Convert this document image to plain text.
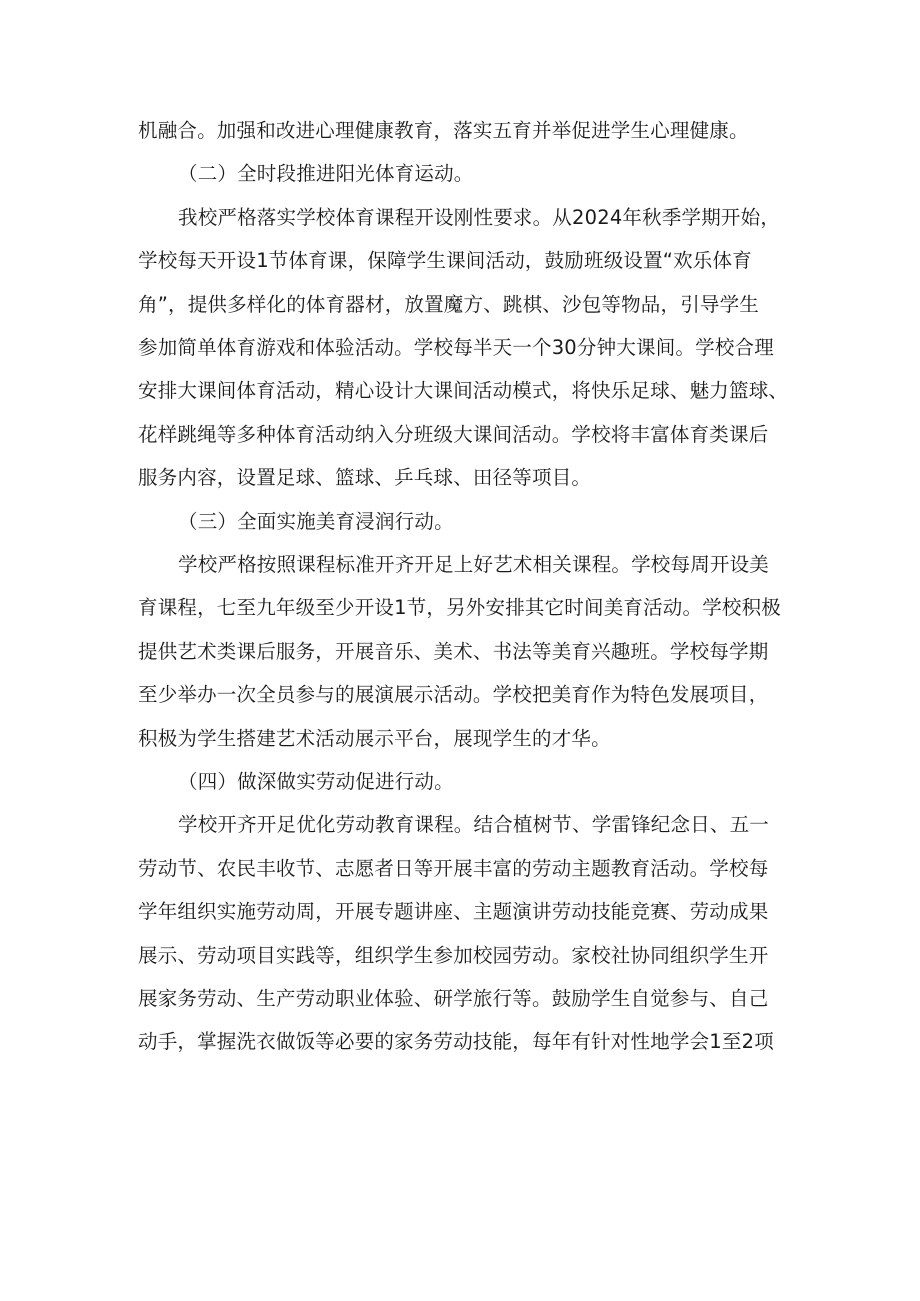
机融合。加强和改进心理健康教育，落实五育并举促进学生心理健康。
（二）全时段推进阳光体育运动。
我校严格落实学校体育课程开设刚性要求。从2024年秋季学期开始，
学校每天开设1节体育课，保障学生课间活动，鼓励班级设置“欢乐体育
角”，提供多样化的体育器材，放置魔方、跳棋、沙包等物品，引导学生
参加简单体育游戏和体验活动。学校每半天一个30分钟大课间。学校合理
安排大课间体育活动，精心设计大课间活动模式，将快乐足球、魅力篮球、
花样跳绳等多种体育活动纳入分班级大课间活动。学校将丰富体育类课后
服务内容，设置足球、篮球、乒乓球、田径等项目。
（三）全面实施美育浸润行动。
学校严格按照课程标准开齐开足上好艺术相关课程。学校每周开设美
育课程，七至九年级至少开设1节，另外安排其它时间美育活动。学校积极
提供艺术类课后服务，开展音乐、美术、书法等美育兴趣班。学校每学期
至少举办一次全员参与的展演展示活动。学校把美育作为特色发展项目，
积极为学生搭建艺术活动展示平台，展现学生的才华。
（四）做深做实劳动促进行动。
学校开齐开足优化劳动教育课程。结合植树节、学雷锋纪念日、五一
劳动节、农民丰收节、志愿者日等开展丰富的劳动主题教育活动。学校每
学年组织实施劳动周，开展专题讲座、主题演讲劳动技能竞赛、劳动成果
展示、劳动项目实践等，组织学生参加校园劳动。家校社协同组织学生开
展家务劳动、生产劳动职业体验、研学旅行等。鼓励学生自觉参与、自己
动手，掌握洗衣做饭等必要的家务劳动技能，每年有针对性地学会1至2项
